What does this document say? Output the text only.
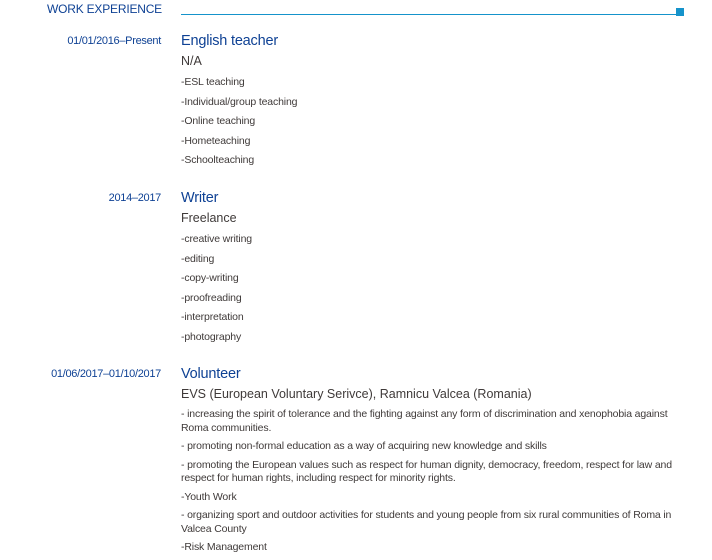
WORK EXPERIENCE
01/01/2016–Present English teacher
N/A
-ESL teaching
-Individual/group teaching
-Online teaching
-Hometeaching
-Schoolteaching
2014–2017 Writer
Freelance
-creative writing
-editing
-copy-writing
-proofreading
-interpretation
-photography
01/06/2017–01/10/2017 Volunteer
EVS (European Voluntary Serivce), Ramnicu Valcea (Romania)
- increasing the spirit of tolerance and the fighting against any form of discrimination and xenophobia against Roma communities.
- promoting non-formal education as a way of acquiring new knowledge and skills
- promoting the European values such as respect for human dignity, democracy, freedom, respect for law and respect for human rights, including respect for minority rights.
-Youth Work
- organizing sport and outdoor activities for students and young people from six rural communities of Roma in Valcea County
-Risk Management
